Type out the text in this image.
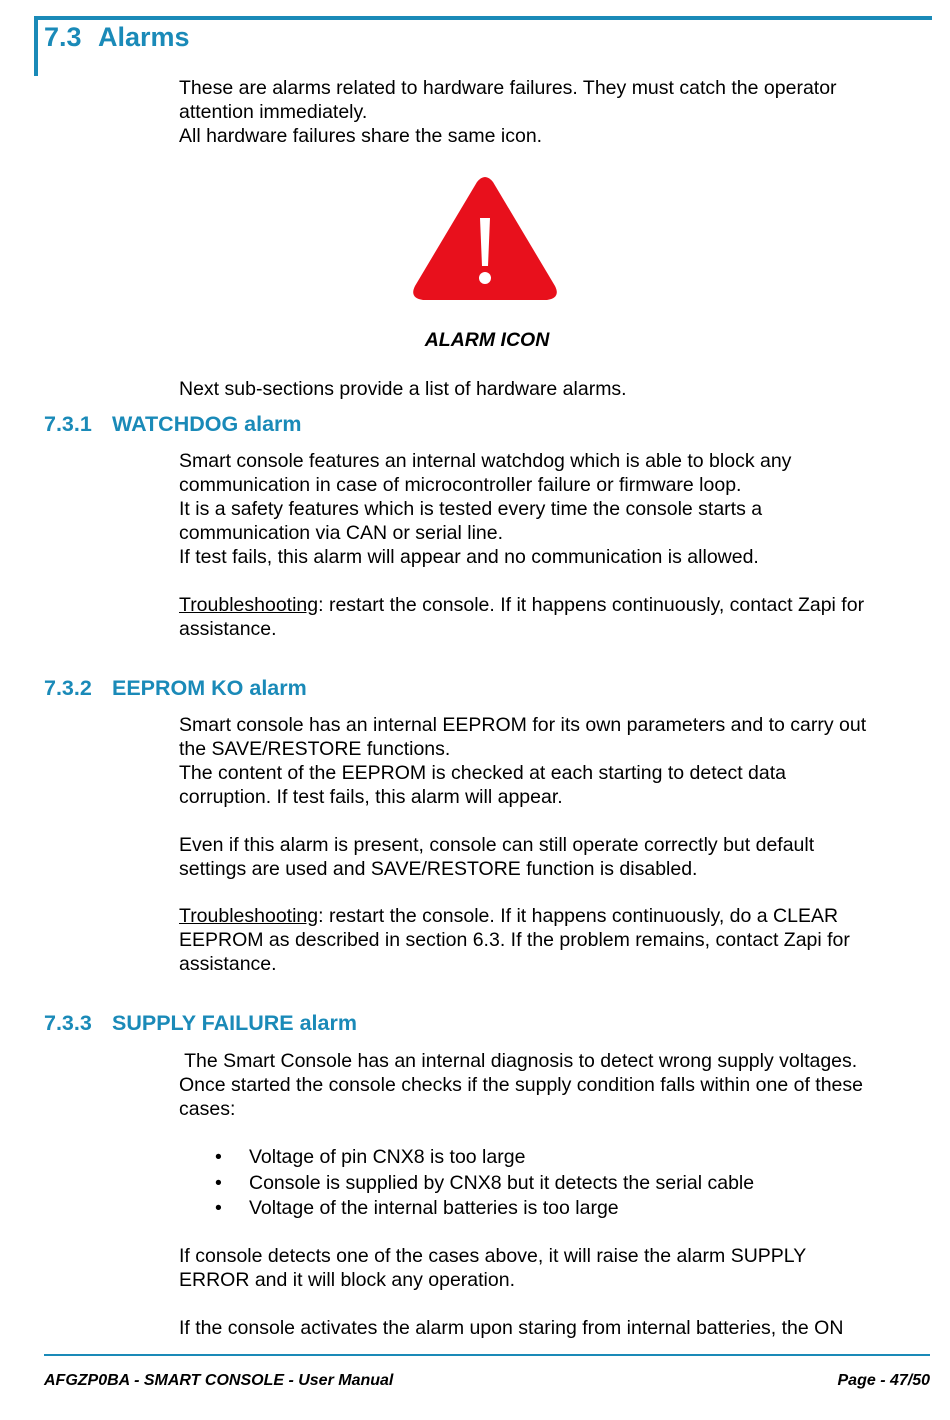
7.3 Alarms

These are alarms related to hardware failures. They must catch the operator

attention immediately.

All hardware failures share the same icon.

ALARM ICON

Next sub-sections provide a list of hardware alarms.

7.3.1 WATCHDOG alarm

Smart console features an internal watchdog which is able to block any

communication in case of microcontroller failure or firmware loop.

It is a safety features which is tested every time the console starts a

communication via CAN or serial line.

If test fails, this alarm will appear and no communication is allowed.

Troubleshooting: restart the console. If it happens continuously, contact Zapi for

assistance.

7.3.2 EEPROM KO alarm

Smart console has an internal EEPROM for its own parameters and to carry out

the SAVE/RESTORE functions.

The content of the EEPROM is checked at each starting to detect data

corruption. If test fails, this alarm will appear.

Even if this alarm is present, console can still operate correctly but default

settings are used and SAVE/RESTORE function is disabled.

Troubleshooting: restart the console. If it happens continuously, do a CLEAR

EEPROM as described in section 6.3. If the problem remains, contact Zapi for

assistance.

7.3.3 SUPPLY FAILURE alarm

The Smart Console has an internal diagnosis to detect wrong supply voltages.

Once started the console checks if the supply condition falls within one of these

cases:

• Voltage of pin CNX8 is too large
• Console is supplied by CNX8 but it detects the serial cable
• Voltage of the internal batteries is too large

If console detects one of the cases above, it will raise the alarm SUPPLY

ERROR and it will block any operation.

If the console activates the alarm upon staring from internal batteries, the ON

AFGZP0BA - SMART CONSOLE - User Manual	Page - 47/50
